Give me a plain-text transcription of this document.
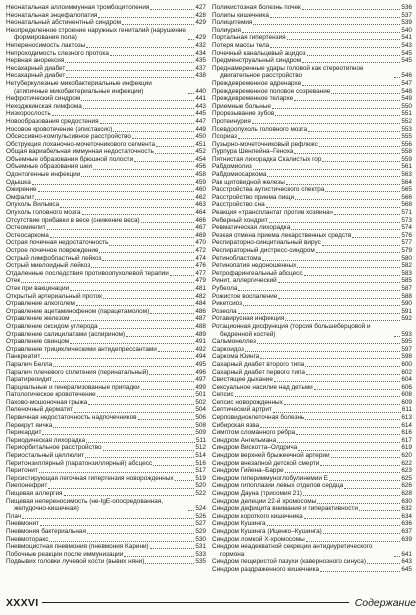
Неонатальная аллоиммунная тромбоцитопения	427
Неонатальная энцефалопатия	428
Неонатальный абстинентный синдром	429
Неопределенное строение наружных гениталий (нарушение формирования пола)	429
Непереносимость лактозы	432
Непроходимость слезного протока	434
Нервная анорексия	435
Несахарный диабет	437
Несахарный диабет	438
Нетуберкулезные микобактериальные инфекции (атипичные микобактериальные инфекции)	440
Нефротический синдром	441
Неходжкинская лимфома	443
Низкорослость	445
Новообразования средостения	447
Носовое кровотечение (эпистаксис)	449
Обсессивно-компульсивное расстройство	450
Обструкция лоханочно-мочеточникового сегмента	451
Общая вариабельная иммунная недостаточность	452
Объемные образования брюшной полости	454
Объемные образования шеи	456
Одонтогенные инфекции	458
Одышка	459
Ожирение	460
Омфалит	462
Опухоль Вильмса	463
Опухоль головного мозга	464
Отсутствие прибавки в весе (снижение веса)	466
Остеомиелит	467
Остеосаркома	469
Острая почечная недостаточность	470
Острое почечное повреждение	472
Острый лимфобластный лейкоз	474
Острый миелоидный лейкоз	476
Отдаленные последствия противоопухолевой терапии	477
Отек	479
Отек при вакцинации	481
Открытый артериальный проток	482
Отравление алкоголем	484
Отравление ацетаминофеном (парацетамолом)	486
Отравление железом	487
Отравление оксидом углерода	488
Отравление салицилатами (аспирином)	489
Отравление свинцом	491
Отравление трициклическими антидепрессантами	492
Панкреатит	494
Паралич Белла	495
Паралич плечевого сплетения (перинатальный)	496
Паратиреоидит	497
Парциальные и генерализованные припадки	499
Патологическое кровотечение	501
Пахово-мошоночная грыжа	502
Пеленочный дерматит	504
Первичная недостаточность надпочечников	506
Перекрут яичка	508
Перикардит	509
Периодическая лихорадка	511
Периорбитальное расстройство	512
Периостальный целлюлит	514
Перитонзиллярный (паратонзиллярный) абсцесс	516
Перитонит	517
Персистирующая легочная гипертензия новорожденных	519
Пиелонефрит	520
Пищевая аллергия	522
Пищевая непереносимость (не-IgE-опосредованная, желудочно-кишечная)	524
Плач	526
Пневмонит	527
Пневмония бактериальная	529
Пневмоторакс	530
Пневмоцистная пневмония (пневмония Карини)	531
Побочные реакции после иммунизации	533
Подвывих головки лучевой кости (вывих няни)	535
Поликистозная болезнь почек	536
Полипы кишечника	537
Полицитемия	539
Полиурия	540
Портальная гипертензия	541
Потеря массы тела	543
Почечный канальцевый ацидоз	545
Предменструальный синдром	545
Преднамеренные удары головой как стереотипное двигательное расстройство	546
Преждевременное адренархе	547
Преждевременное половое созревание	548
Преждевременное телархе	549
Приемные больные	550
Прорезывание зубов	551
Протеинурия	552
Псевдоопухоль головного мозга	553
Псориаз	555
Пузырно-мочеточниковый рефлюкс	556
Пурпура Шенлейна–Геноха	558
Пятнистая лихорадка Скалистых гор	559
Рабдомиолиз	561
Рабдомиосаркома	563
Рак щитовидной железы	564
Расстройства аутистического спектра	565
Расстройство приема пищи	566
Расстройство сна	568
Реакция «трансплантат против хозяина»	571
Реберный хондрит	573
Ревматическая лихорадка	574
Резкая отмена приема лекарственных средств	576
Респираторно-синцитиальный вирус	577
Респираторный дистресс-синдром	579
Ретинобластома	580
Ретинопатия недоношенных	582
Ретрофарингеальный абсцесс	583
Ринит, аллергический	585
Рубеола	587
Рожистое воспаление	588
Рикетсиоз	590
Розеола	591
Ротавирусная инфекция	592
Ротационная дисфункция (торсия большеберцовой и бедренной костей)	593
Сальмонеллез	595
Саркоидоз	597
Саркома Юинга	598
Сахарный диабет второго типа	600
Сахарный диабет первого типа	602
Свистящее дыхание	604
Сексуальное насилие над детьми	606
Сепсис	608
Сепсис новорожденных	609
Септический артрит	611
Серповидноклеточная болезнь	613
Сибирская язва	614
Симптом сломанного ребра	616
Синдром Ангельмана	617
Синдром Вискотта–Олдрича	619
Синдром верхней брыжеечной артерии	620
Синдром внезапной детской смерти	622
Синдром Гийена–Барре	623
Синдром гипериммуноглобулинемии Е	625
Синдром гипоплазии левых отделов сердца	626
Синдром Дауна (трисомия 21)	628
Синдром делеции 22-й хромосомы	630
Синдром дефицита внимания и гиперактивности	632
Синдром короткого кишечника	634
Синдром Кушинга	636
Синдром Кушинга (Иценко–Кушинга)	637
Синдром ломкой Х-хромосомы	639
Синдром неадекватной секреции антидиуретического гормона	641
Синдром пещеристой пазухи (кавернозного синуса)	643
Синдром раздраженного кишечника	645
XXXVI	Содержание
